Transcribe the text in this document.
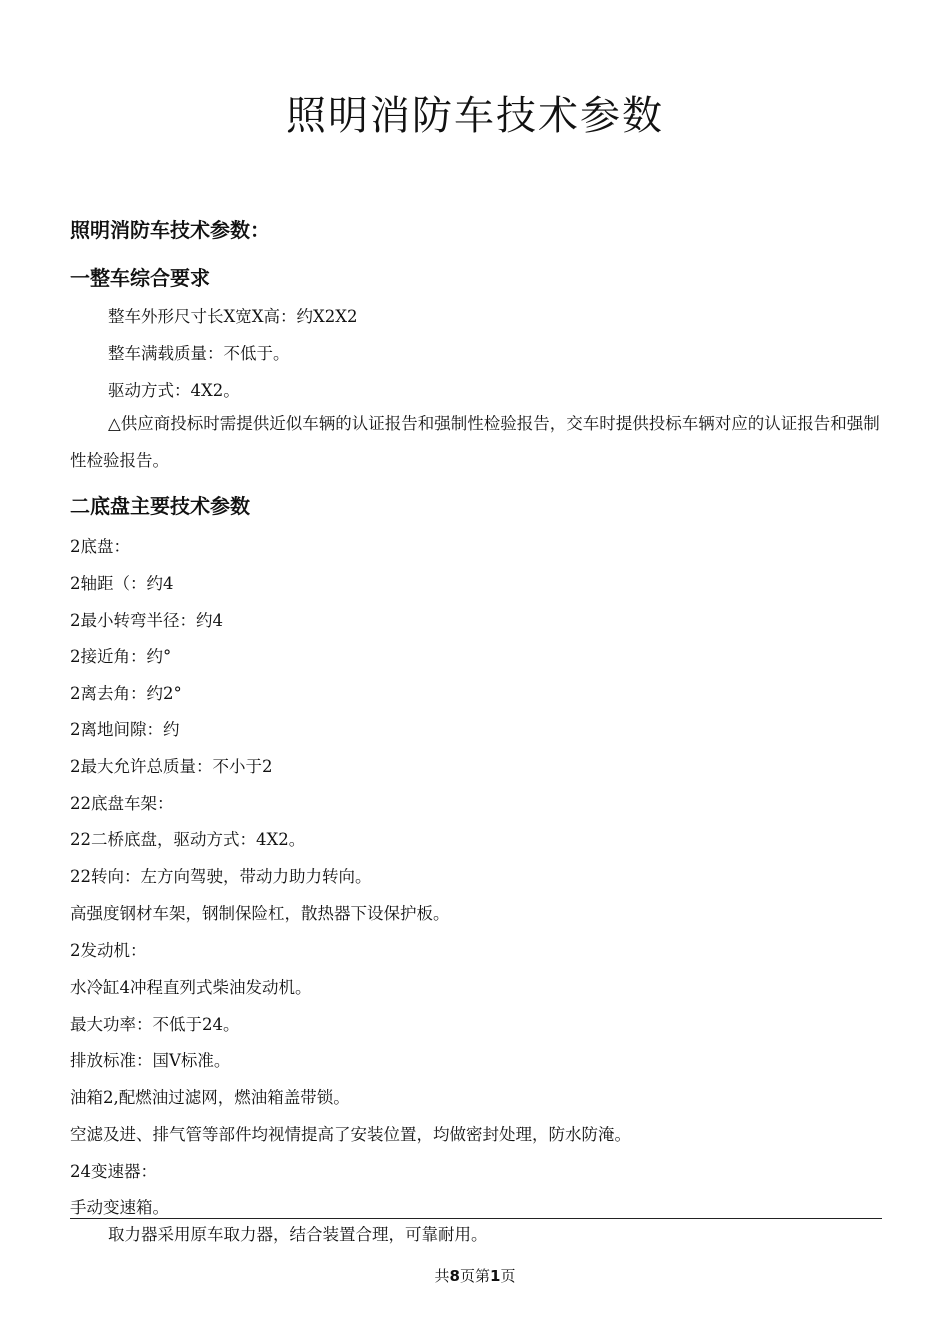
照明消防车技术参数
照明消防车技术参数：
一整车综合要求
整车外形尺寸长X宽X高：约X2X2
整车满载质量：不低于。
驱动方式：4X2。
△供应商投标时需提供近似车辆的认证报告和强制性检验报告，交车时提供投标车辆对应的认证报告和强制性检验报告。
二底盘主要技术参数
2底盘：
2轴距（：约4
2最小转弯半径：约4
2接近角：约°
2离去角：约2°
2离地间隙：约
2最大允许总质量：不小于2
22底盘车架：
22二桥底盘，驱动方式：4X2。
22转向：左方向驾驶，带动力助力转向。
高强度钢材车架，钢制保险杠，散热器下设保护板。
2发动机：
水冷缸4冲程直列式柴油发动机。
最大功率：不低于24。
排放标准：国V标准。
油箱2,配燃油过滤网，燃油箱盖带锁。
空滤及进、排气管等部件均视情提高了安装位置，均做密封处理，防水防淹。
24变速器：
手动变速箱。
取力器采用原车取力器，结合装置合理，可靠耐用。
共8页第1页
